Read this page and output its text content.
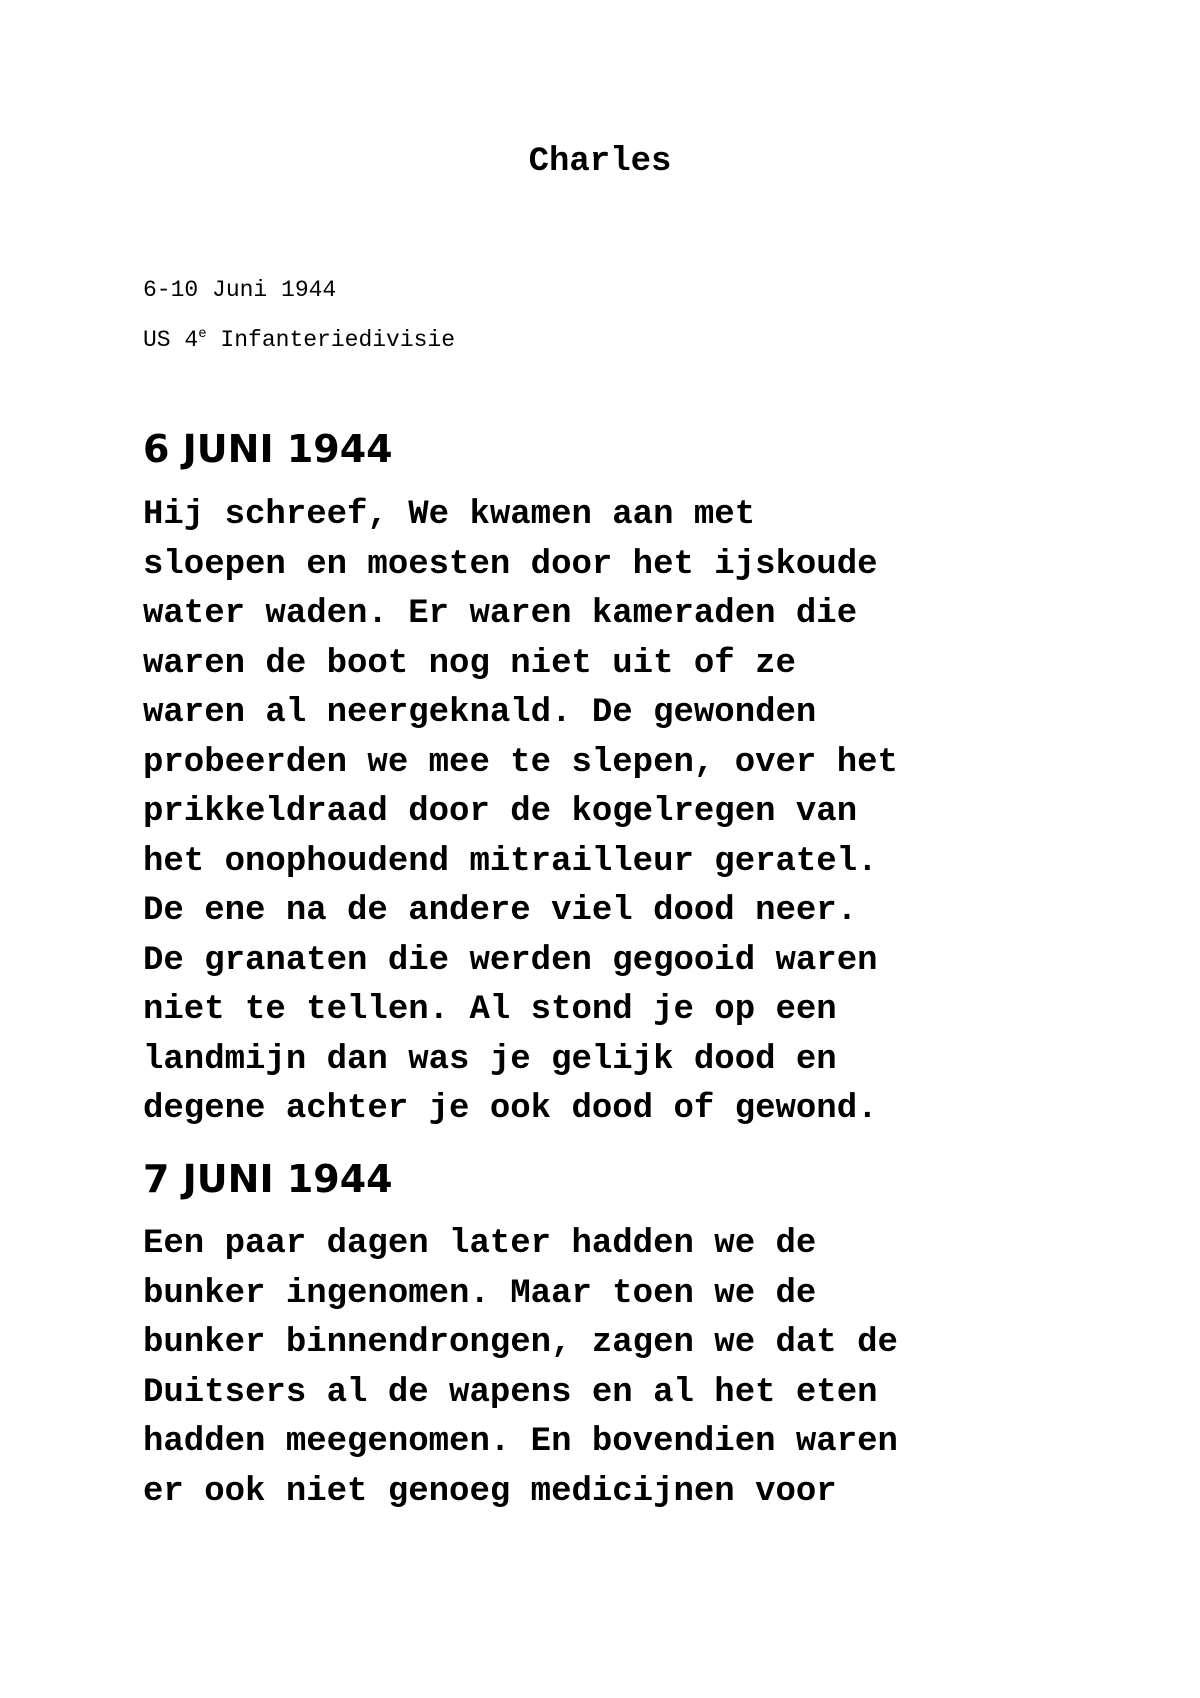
Charles
6-10 Juni 1944
US 4e Infanteriedivisie
6 JUNI 1944
Hij schreef, We kwamen aan met
sloepen en moesten door het ijskoude
water waden. Er waren kameraden die
waren de boot nog niet uit of ze
waren al neergeknald. De gewonden
probeerden we mee te slepen, over het
prikkeldraad door de kogelregen van
het onophoudend mitrailleur geratel.
De ene na de andere viel dood neer.
De granaten die werden gegooid waren
niet te tellen. Al stond je op een
landmijn dan was je gelijk dood en
degene achter je ook dood of gewond.
7 JUNI 1944
Een paar dagen later hadden we de
bunker ingenomen. Maar toen we de
bunker binnendrongen, zagen we dat de
Duitsers al de wapens en al het eten
hadden meegenomen. En bovendien waren
er ook niet genoeg medicijnen voor
